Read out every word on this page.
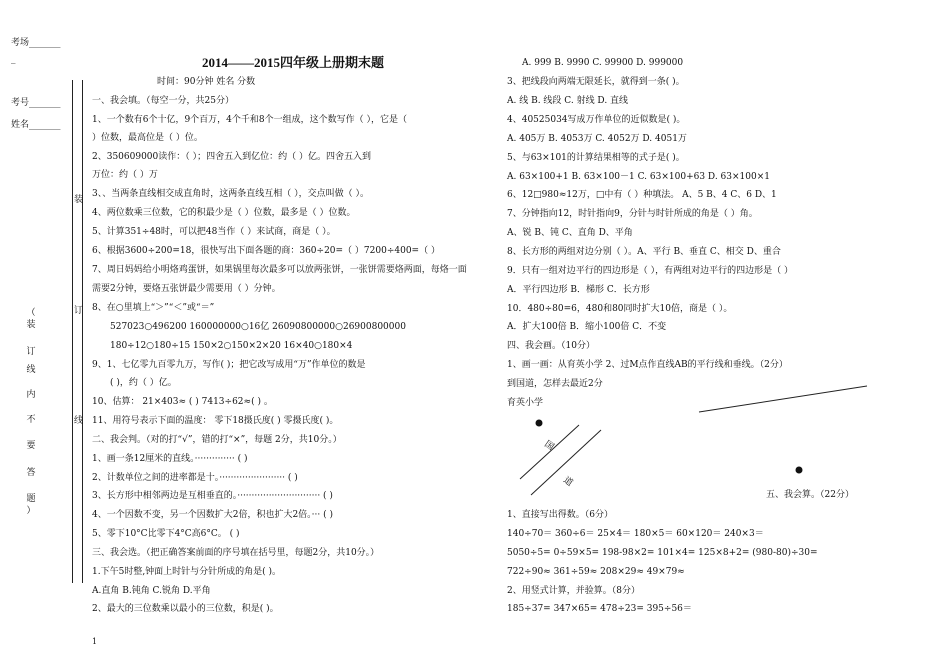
考场_______
_
考号_______
姓名_______
装
订
线
（
装
订
线
内
不
要
答
题
）
2014——2015四年级上册期末题
时间：90分钟 姓名 分数
一、我会填。（每空一分，共25分）
1、一个数有6个十亿，9个百万，4个千和8个一组成，这个数写作（ ），它是（
）位数，最高位是（ ）位。
2、350609000读作：（ ）；四舍五入到亿位：约（ ）亿。四舍五入到
万位：约（ ）万
3、、当两条直线相交成直角时，这两条直线互相（ ），交点叫做（ ）。
4、两位数乘三位数，它的积最少是（ ）位数，最多是（ ）位数。
5、计算351÷48时，可以把48当作（ ）来试商，商是（ ）。
6、根据3600÷200=18，很快写出下面各题的商：360÷20=（ ）7200÷400=（ ）
7、周日妈妈给小明烙鸡蛋饼，如果锅里每次最多可以放两张饼，一张饼需要烙两面，每烙一面
需要2分钟，要烙五张饼最少需要用（ ）分钟。
8、在○里填上“＞”“＜”或“＝”
527023○496200 160000000○16亿 26090800000○26900800000
180÷12○180÷15 150×2○150×2×20 16×40○180×4
9、1、七亿零九百零九万，写作( )；把它改写成用“万”作单位的数是
( )，约（ ）亿。
10、估算： 21×403≈ ( ) 7413÷62≈( ) 。
11、用符号表示下面的温度： 零下18摄氏度( ) 零摄氏度( )。
二、我会判。（对的打“√”，错的打“×”，每题 2分，共10分。）
1、画一条12厘米的直线。·············· ( )
2、计数单位之间的进率都是十。······················· ( )
3、长方形中相邻两边是互相垂直的。····························· ( )
4、一个因数不变，另一个因数扩大2倍，积也扩大2倍。··· ( )
5、零下10°C比零下4°C高6°C。 ( )
三、我会选。（把正确答案前面的序号填在括号里，每题2分，共10分。）
1.下午5时整,钟面上时针与分针所成的角是( )。
A.直角 B.钝角 C.锐角 D.平角
2、最大的三位数乘以最小的三位数，积是( )。
A. 999 B. 9990 C. 99900 D. 999000
3、把线段向两端无限延长，就得到一条( )。
A. 线 B. 线段 C. 射线 D. 直线
4、40525034写成万作单位的近似数是( )。
A. 405万 B. 4053万 C. 4052万 D. 4051万
5、与63×101的计算结果相等的式子是( )。
A. 63×100+1 B. 63×100－1 C. 63×100+63 D. 63×100×1
6、12□980≈12万，□中有（ ）种填法。 A、5 B、4 C、6 D、1
7、分钟指向12，时针指向9，分针与时针所成的角是（ ）角。
A、锐 B、钝 C、直角 D、平角
8、长方形的两组对边分别（ ）。A、平行 B、垂直 C、相交 D、重合
9．只有一组对边平行的四边形是（ ），有两组对边平行的四边形是（ ）
A．平行四边形 B．梯形 C．长方形
10．480÷80=6，480和80同时扩大10倍，商是（ ）。
A．扩大100倍 B．缩小100倍 C．不变
四、我会画。（10分）
1、画一画：从育英小学 2、过M点作直线AB的平行线和垂线。（2分）
到国道，怎样去最近2分
育英小学
国
道
五、我会算。（22分）
1、直接写出得数。（6分）
140÷70＝ 360÷6＝ 25×4＝ 180×5＝ 60×120＝ 240×3＝
5050÷5= 0÷59×5= 198-98×2= 101×4= 125×8+2= (980-80)÷30=
722÷90≈ 361÷59≈ 208×29≈ 49×79≈
2、用竖式计算，并验算。（8分）
185÷37= 347×65= 478÷23= 395÷56＝
1
